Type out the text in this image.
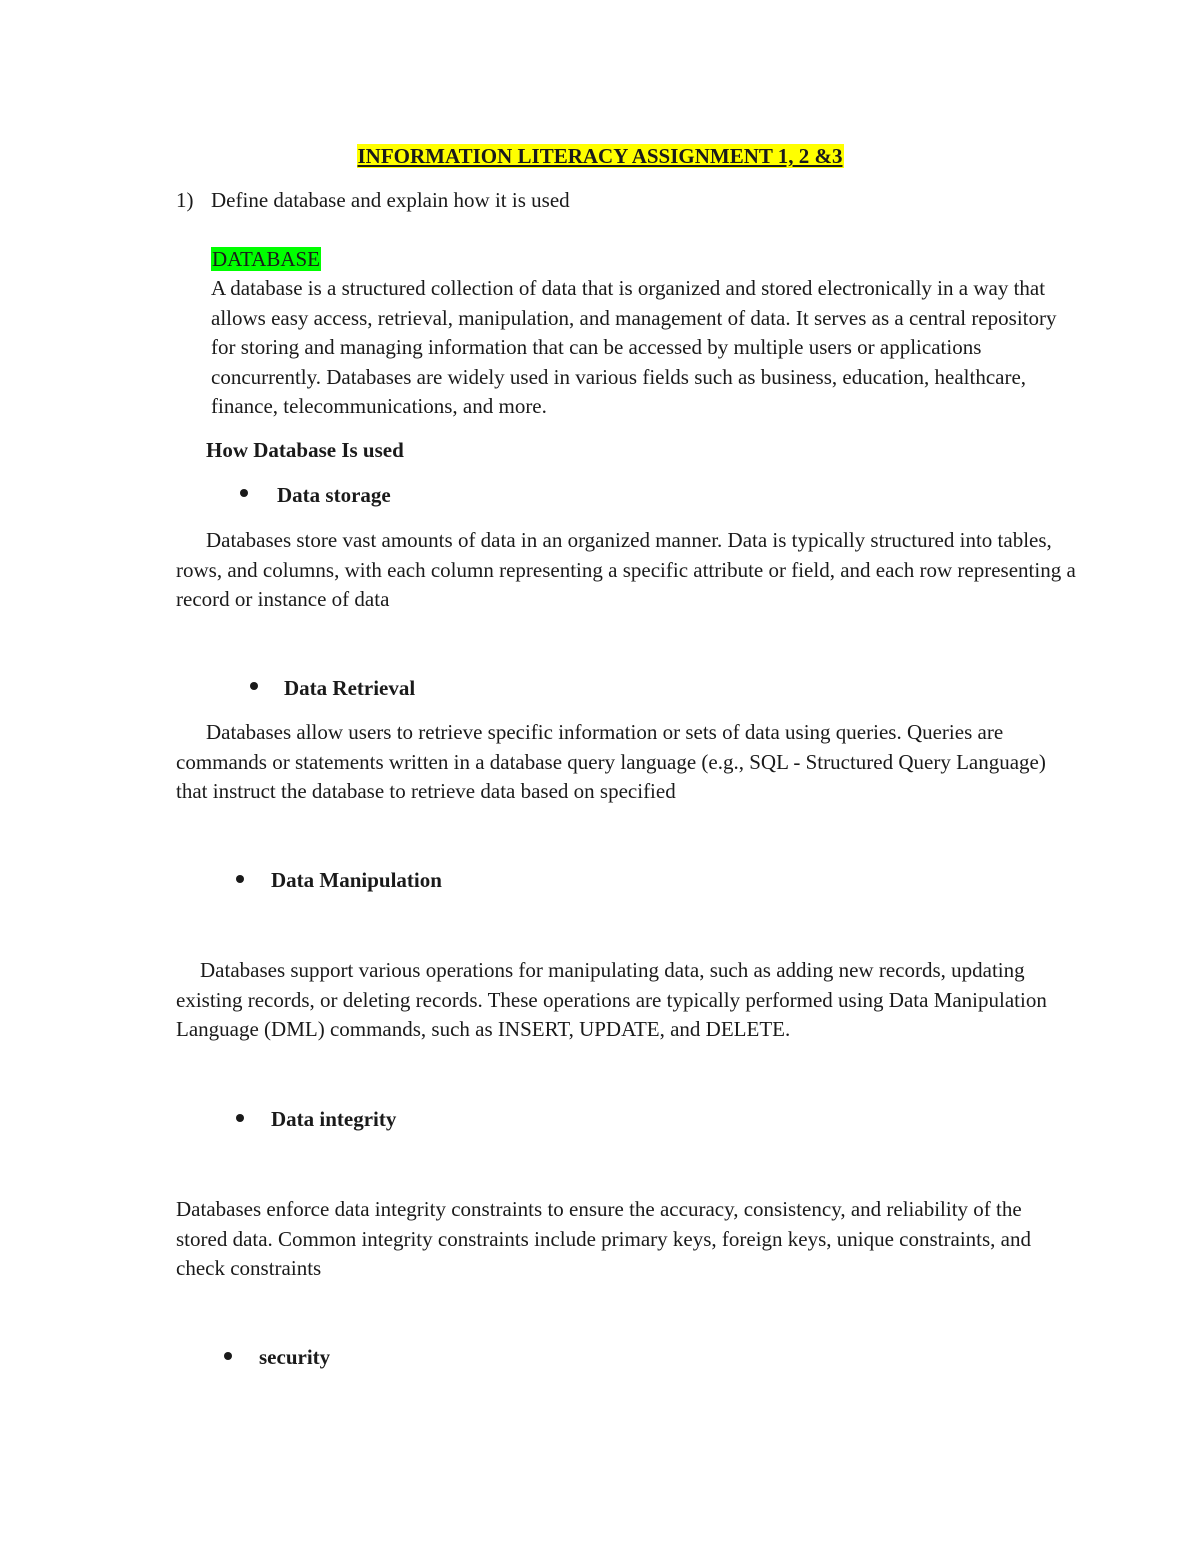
INFORMATION LITERACY ASSIGNMENT 1, 2 &3
1) Define database and explain how it is used
DATABASE

A database is a structured collection of data that is organized and stored electronically in a way that allows easy access, retrieval, manipulation, and management of data. It serves as a central repository for storing and managing information that can be accessed by multiple users or applications concurrently. Databases are widely used in various fields such as business, education, healthcare, finance, telecommunications, and more.

How Database Is used
Data storage

Databases store vast amounts of data in an organized manner. Data is typically structured into tables, rows, and columns, with each column representing a specific attribute or field, and each row representing a record or instance of data

Data Retrieval

Databases allow users to retrieve specific information or sets of data using queries. Queries are commands or statements written in a database query language (e.g., SQL - Structured Query Language) that instruct the database to retrieve data based on specified

Data Manipulation

Databases support various operations for manipulating data, such as adding new records, updating existing records, or deleting records. These operations are typically performed using Data Manipulation Language (DML) commands, such as INSERT, UPDATE, and DELETE.

Data integrity

Databases enforce data integrity constraints to ensure the accuracy, consistency, and reliability of the stored data. Common integrity constraints include primary keys, foreign keys, unique constraints, and check constraints

security
